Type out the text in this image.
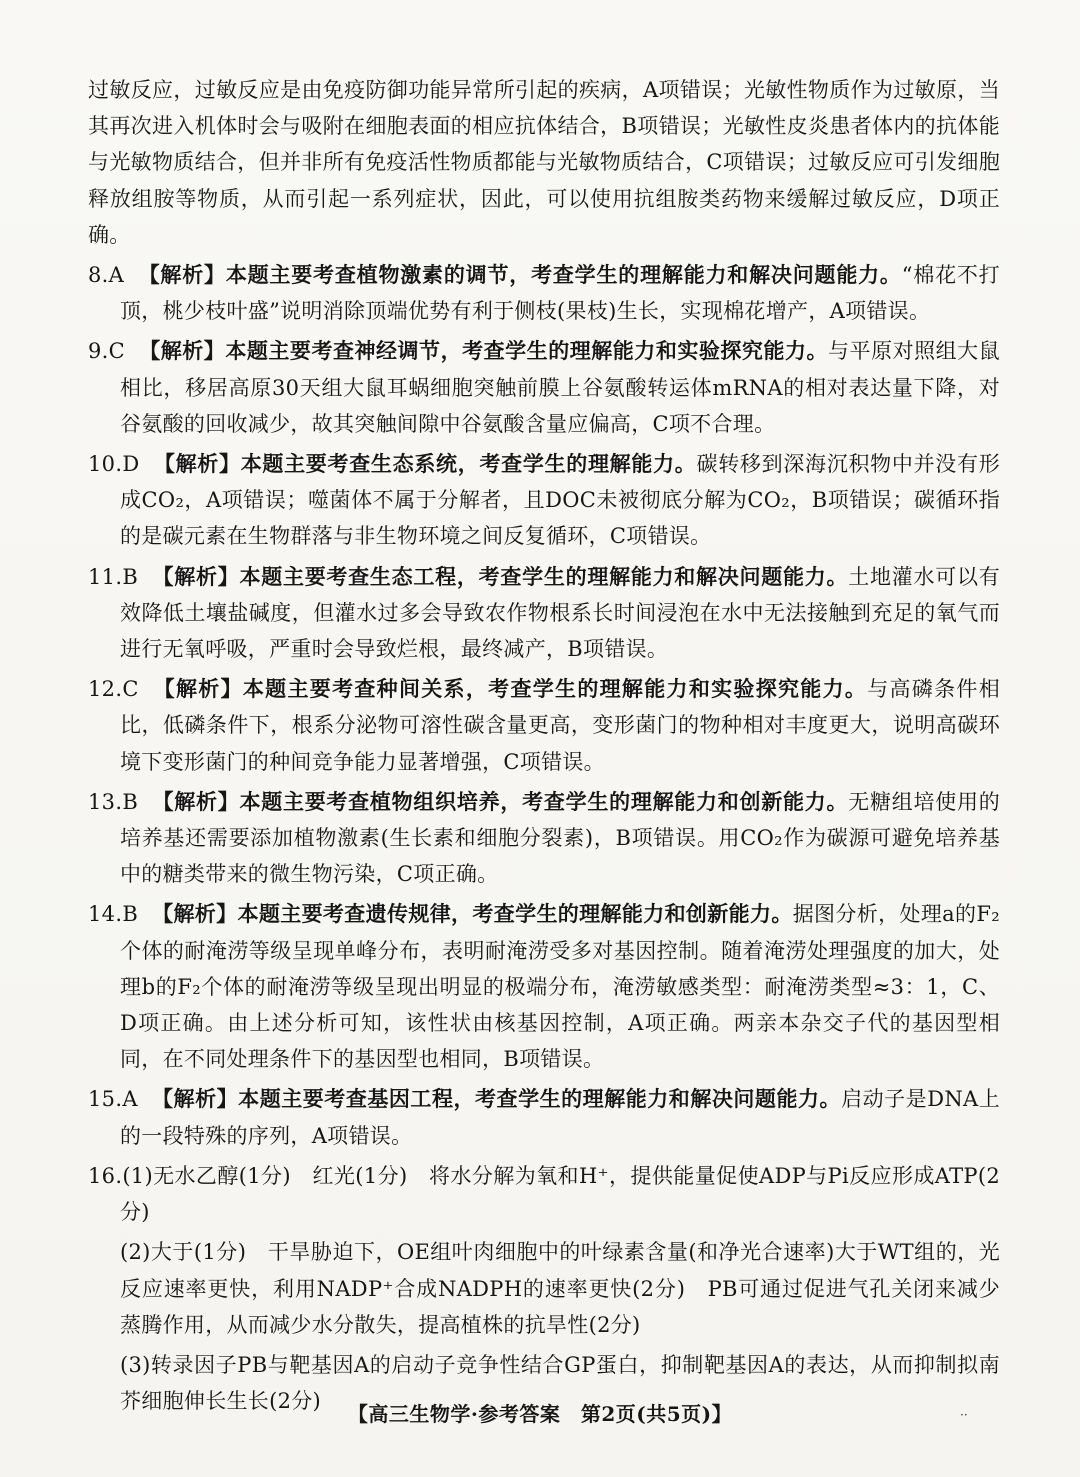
过敏反应，过敏反应是由免疫防御功能异常所引起的疾病，A项错误；光敏性物质作为过敏原，当其再次进入机体时会与吸附在细胞表面的相应抗体结合，B项错误；光敏性皮炎患者体内的抗体能与光敏物质结合，但并非所有免疫活性物质都能与光敏物质结合，C项错误；过敏反应可引发细胞释放组胺等物质，从而引起一系列症状，因此，可以使用抗组胺类药物来缓解过敏反应，D项正确。

8.A 【解析】本题主要考查植物激素的调节，考查学生的理解能力和解决问题能力。“棉花不打顶，桃少枝叶盛”说明消除顶端优势有利于侧枝(果枝)生长，实现棉花增产，A项错误。
9.C 【解析】本题主要考查神经调节，考查学生的理解能力和实验探究能力。与平原对照组大鼠相比，移居高原30天组大鼠耳蜗细胞突触前膜上谷氨酸转运体mRNA的相对表达量下降，对谷氨酸的回收减少，故其突触间隙中谷氨酸含量应偏高，C项不合理。
10.D 【解析】本题主要考查生态系统，考查学生的理解能力。碳转移到深海沉积物中并没有形成CO₂，A项错误；噬菌体不属于分解者，且DOC未被彻底分解为CO₂，B项错误；碳循环指的是碳元素在生物群落与非生物环境之间反复循环，C项错误。
11.B 【解析】本题主要考查生态工程，考查学生的理解能力和解决问题能力。土地灌水可以有效降低土壤盐碱度，但灌水过多会导致农作物根系长时间浸泡在水中无法接触到充足的氧气而进行无氧呼吸，严重时会导致烂根，最终减产，B项错误。
12.C 【解析】本题主要考查种间关系，考查学生的理解能力和实验探究能力。与高磷条件相比，低磷条件下，根系分泌物可溶性碳含量更高，变形菌门的物种相对丰度更大，说明高碳环境下变形菌门的种间竞争能力显著增强，C项错误。
13.B 【解析】本题主要考查植物组织培养，考查学生的理解能力和创新能力。无糖组培使用的培养基还需要添加植物激素(生长素和细胞分裂素)，B项错误。用CO₂作为碳源可避免培养基中的糖类带来的微生物污染，C项正确。
14.B 【解析】本题主要考查遗传规律，考查学生的理解能力和创新能力。据图分析，处理a的F₂个体的耐淹涝等级呈现单峰分布，表明耐淹涝受多对基因控制。随着淹涝处理强度的加大，处理b的F₂个体的耐淹涝等级呈现出明显的极端分布，淹涝敏感类型：耐淹涝类型≈3：1，C、D项正确。由上述分析可知，该性状由核基因控制，A项正确。两亲本杂交子代的基因型相同，在不同处理条件下的基因型也相同，B项错误。
15.A 【解析】本题主要考查基因工程，考查学生的理解能力和解决问题能力。启动子是DNA上的一段特殊的序列，A项错误。
16.(1)无水乙醇(1分)　红光(1分)　将水分解为氧和H⁺，提供能量促使ADP与Pi反应形成ATP(2分)

(2)大于(1分)　干旱胁迫下，OE组叶肉细胞中的叶绿素含量(和净光合速率)大于WT组的，光反应速率更快，利用NADP⁺合成NADPH的速率更快(2分)　PB可通过促进气孔关闭来减少蒸腾作用，从而减少水分散失，提高植株的抗旱性(2分)

(3)转录因子PB与靶基因A的启动子竞争性结合GP蛋白，抑制靶基因A的表达，从而抑制拟南芥细胞伸长生长(2分)

【高三生物学·参考答案　第2页(共5页)】	··
